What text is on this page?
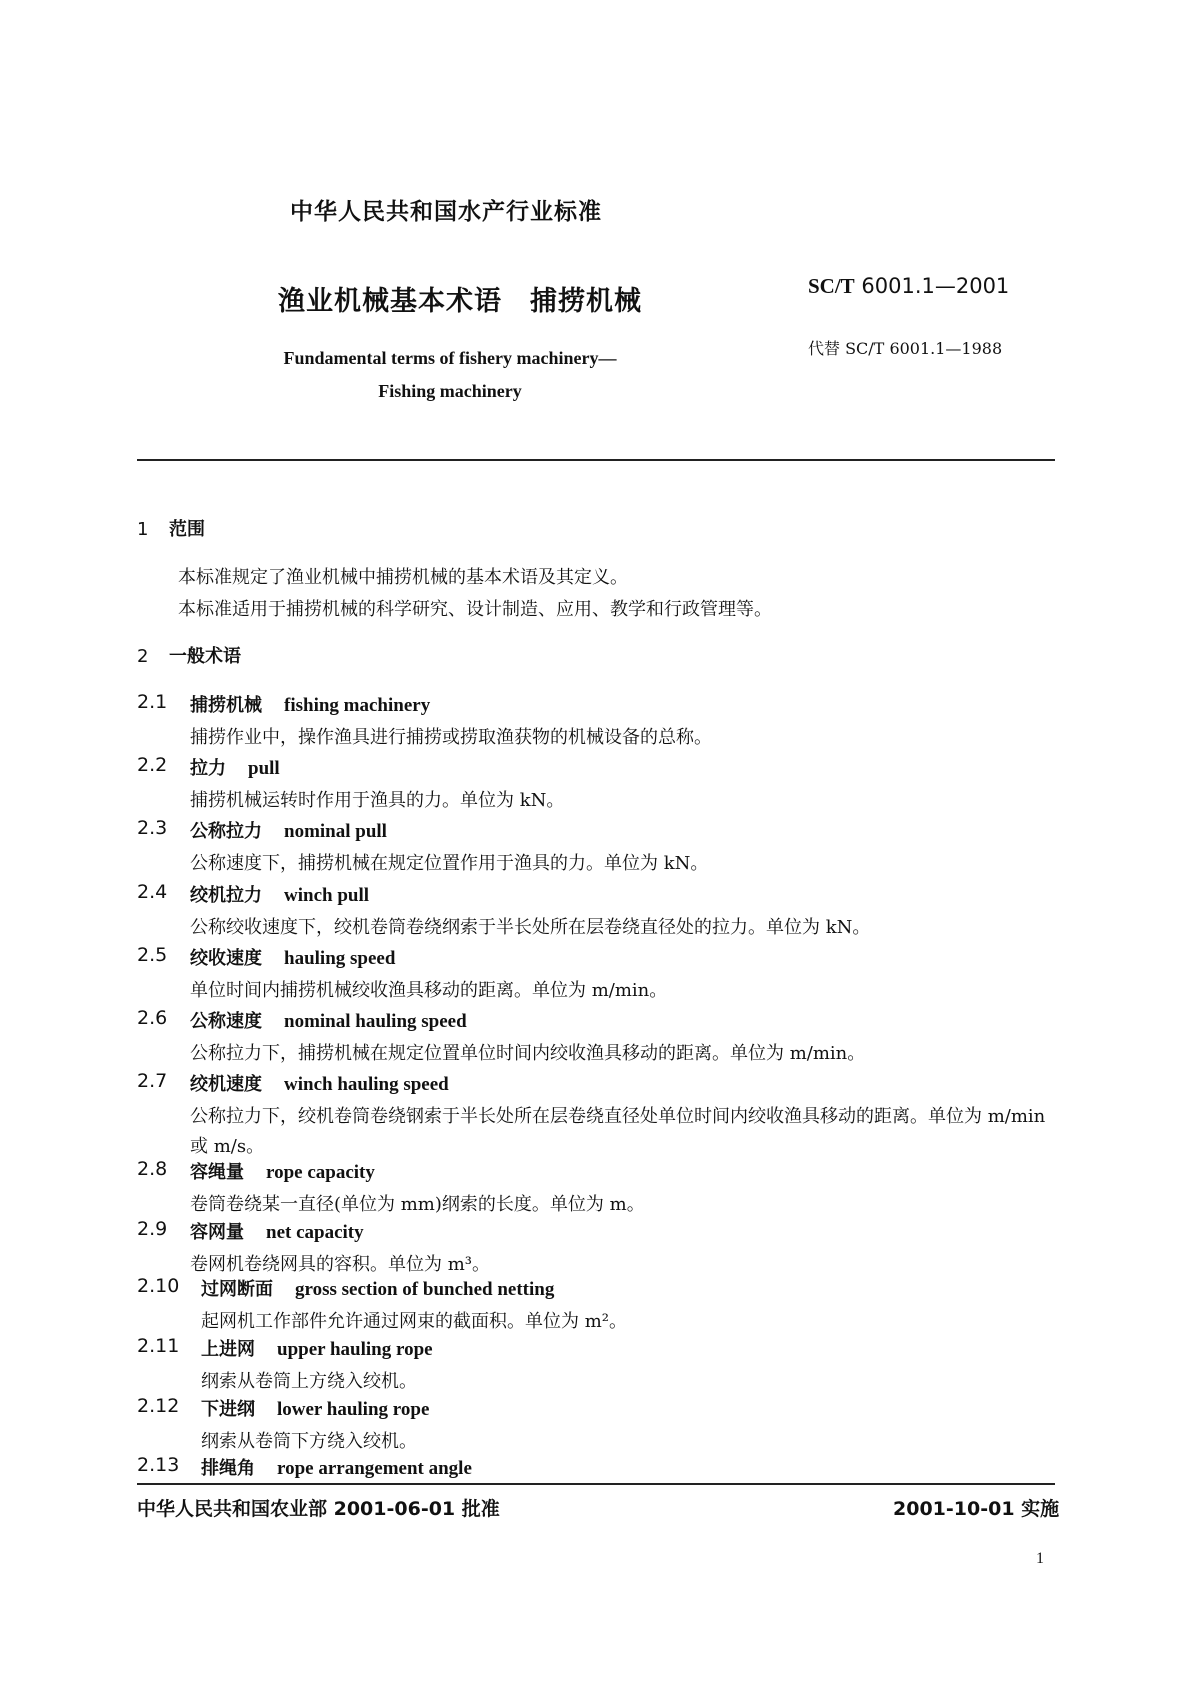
中华人民共和国水产行业标准
渔业机械基本术语　捕捞机械	SC/T 6001.1—2001
代替 SC/T 6001.1—1988
Fundamental terms of fishery machinery—
Fishing machinery
1 范围
本标准规定了渔业机械中捕捞机械的基本术语及其定义。
本标准适用于捕捞机械的科学研究、设计制造、应用、教学和行政管理等。
2 一般术语
2.1 捕捞机械 fishing machinery
捕捞作业中，操作渔具进行捕捞或捞取渔获物的机械设备的总称。
2.2 拉力 pull
捕捞机械运转时作用于渔具的力。单位为 kN。
2.3 公称拉力 nominal pull
公称速度下，捕捞机械在规定位置作用于渔具的力。单位为 kN。
2.4 绞机拉力 winch pull
公称绞收速度下，绞机卷筒卷绕纲索于半长处所在层卷绕直径处的拉力。单位为 kN。
2.5 绞收速度 hauling speed
单位时间内捕捞机械绞收渔具移动的距离。单位为 m/min。
2.6 公称速度 nominal hauling speed
公称拉力下，捕捞机械在规定位置单位时间内绞收渔具移动的距离。单位为 m/min。
2.7 绞机速度 winch hauling speed
公称拉力下，绞机卷筒卷绕钢索于半长处所在层卷绕直径处单位时间内绞收渔具移动的距离。单位为 m/min 或 m/s。
2.8 容绳量 rope capacity
卷筒卷绕某一直径(单位为 mm)纲索的长度。单位为 m。
2.9 容网量 net capacity
卷网机卷绕网具的容积。单位为 m³。
2.10 过网断面 gross section of bunched netting
起网机工作部件允许通过网束的截面积。单位为 m²。
2.11 上进网 upper hauling rope
纲索从卷筒上方绕入绞机。
2.12 下进纲 lower hauling rope
纲索从卷筒下方绕入绞机。
2.13 排绳角 rope arrangement angle
中华人民共和国农业部 2001-06-01 批准	2001-10-01 实施
1
